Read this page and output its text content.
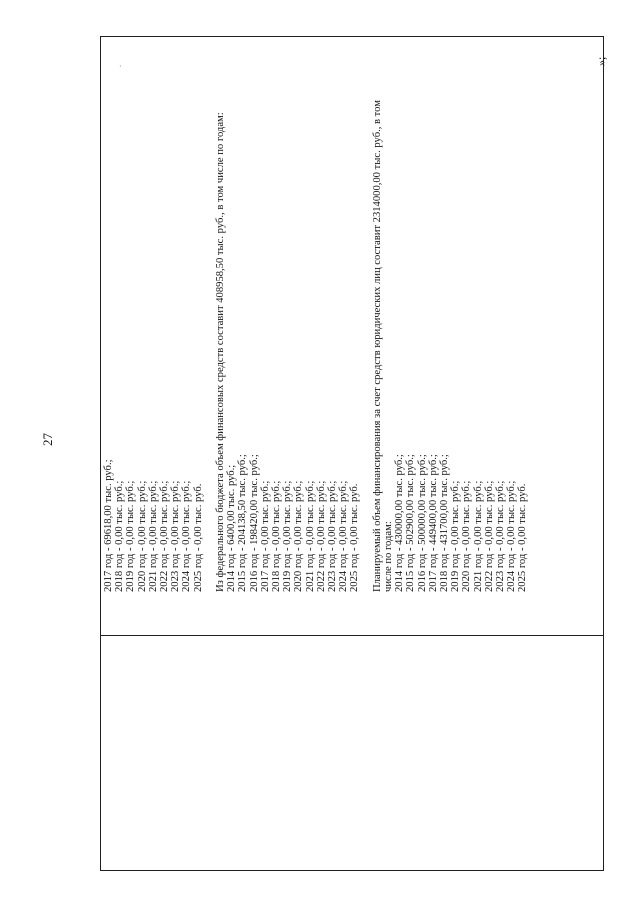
27
·
2017 год - 69618,00 тыс. руб.; 2018 год - 0,00 тыс. руб.; 2019 год - 0,00 тыс. руб.; 2020 год - 0,00 тыс. руб.; 2021 год - 0,00 тыс. руб.; 2022 год - 0,00 тыс. руб.; 2023 год - 0,00 тыс. руб.; 2024 год - 0,00 тыс. руб.; 2025 год - 0,00 тыс. руб. Из федерального бюджета объем финансовых средств составит 408958,50 тыс. руб., в том числе по годам: 2014 год - 6400,00 тыс. руб.; 2015 год - 204138,50 тыс. руб.; 2016 год - 198420,00 тыс. руб.; 2017 год - 0,00 тыс. руб.; 2018 год - 0,00 тыс. руб.; 2019 год - 0,00 тыс. руб.; 2020 год - 0,00 тыс. руб.; 2021 год - 0,00 тыс. руб.; 2022 год - 0,00 тыс. руб.; 2023 год - 0,00 тыс. руб.; 2024 год - 0,00 тыс. руб.; 2025 год - 0,00 тыс. руб. Планируемый объем финансирования за счет средств юридических лиц составит 2314000,00 тыс. руб., в том числе по годам: 2014 год - 430000,00 тыс. руб.; 2015 год - 502900,00 тыс. руб.; 2016 год - 500000,00 тыс. руб.; 2017 год - 449400,00 тыс. руб.; 2018 год - 431700,00 тыс. руб.; 2019 год - 0,00 тыс. руб.; 2020 год - 0,00 тыс. руб.; 2021 год - 0,00 тыс. руб.; 2022 год - 0,00 тыс. руб.; 2023 год - 0,00 тыс. руб.; 2024 год - 0,00 тыс. руб.; 2025 год - 0,00 тыс. руб.
»;
